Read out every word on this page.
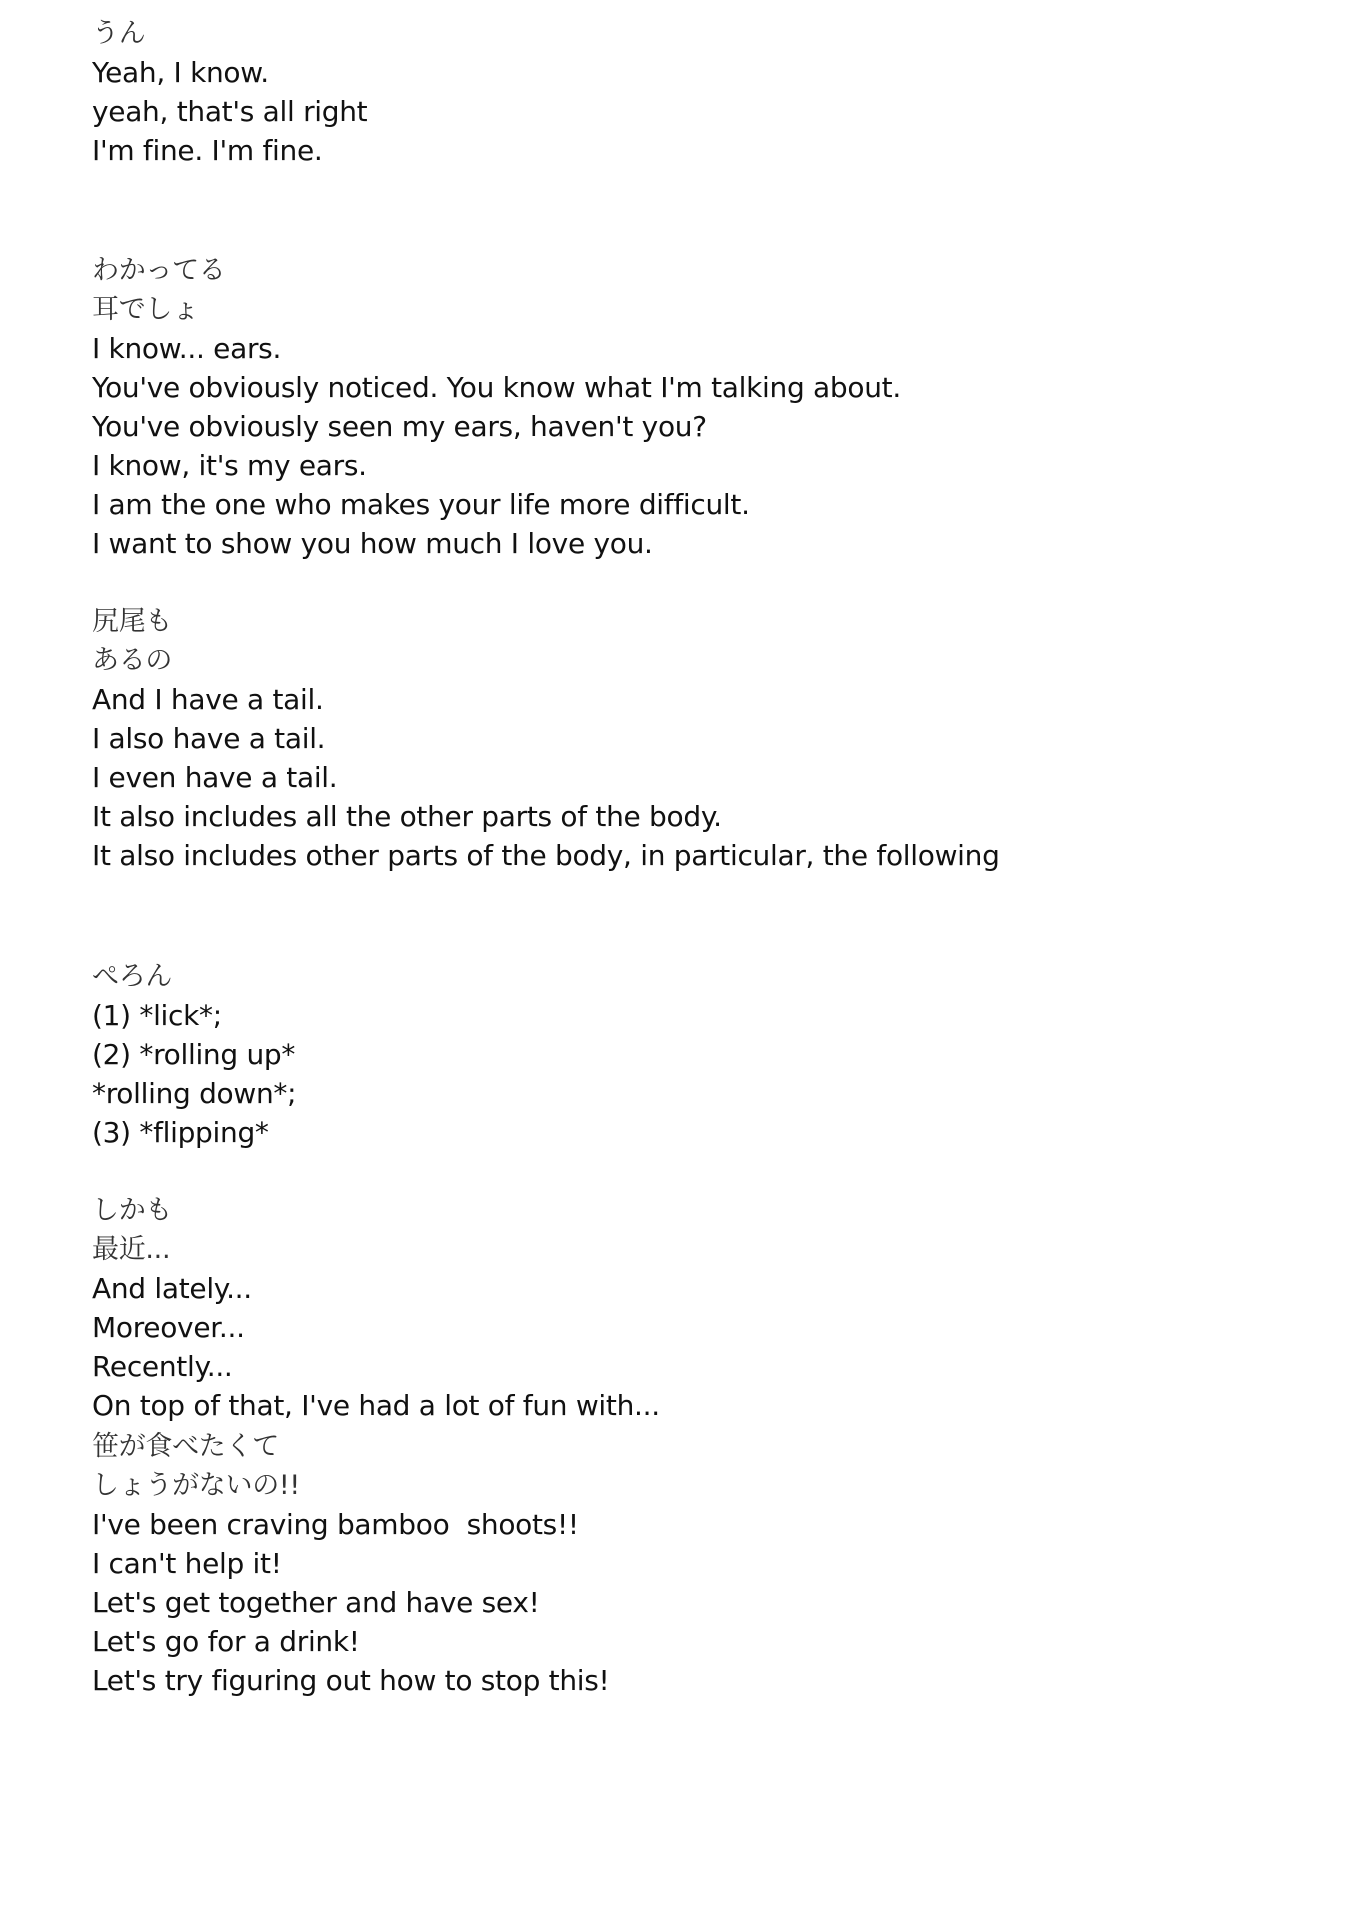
うん
Yeah, I know.
yeah, that's all right
I'm fine. I'm fine.
わかってる
耳でしょ
I know... ears.
You've obviously noticed. You know what I'm talking about.
You've obviously seen my ears, haven't you?
I know, it's my ears.
I am the one who makes your life more difficult.
I want to show you how much I love you.
尻尾も
あるの
And I have a tail.
I also have a tail.
I even have a tail.
It also includes all the other parts of the body.
It also includes other parts of the body, in particular, the following
ぺろん
(1) *lick*;
(2) *rolling up*
*rolling down*;
(3) *flipping*
しかも
最近...
And lately...
Moreover...
Recently...
On top of that, I've had a lot of fun with...
笹が食べたくて
しょうがないの!!
I've been craving bamboo  shoots!!
I can't help it!
Let's get together and have sex!
Let's go for a drink!
Let's try figuring out how to stop this!
